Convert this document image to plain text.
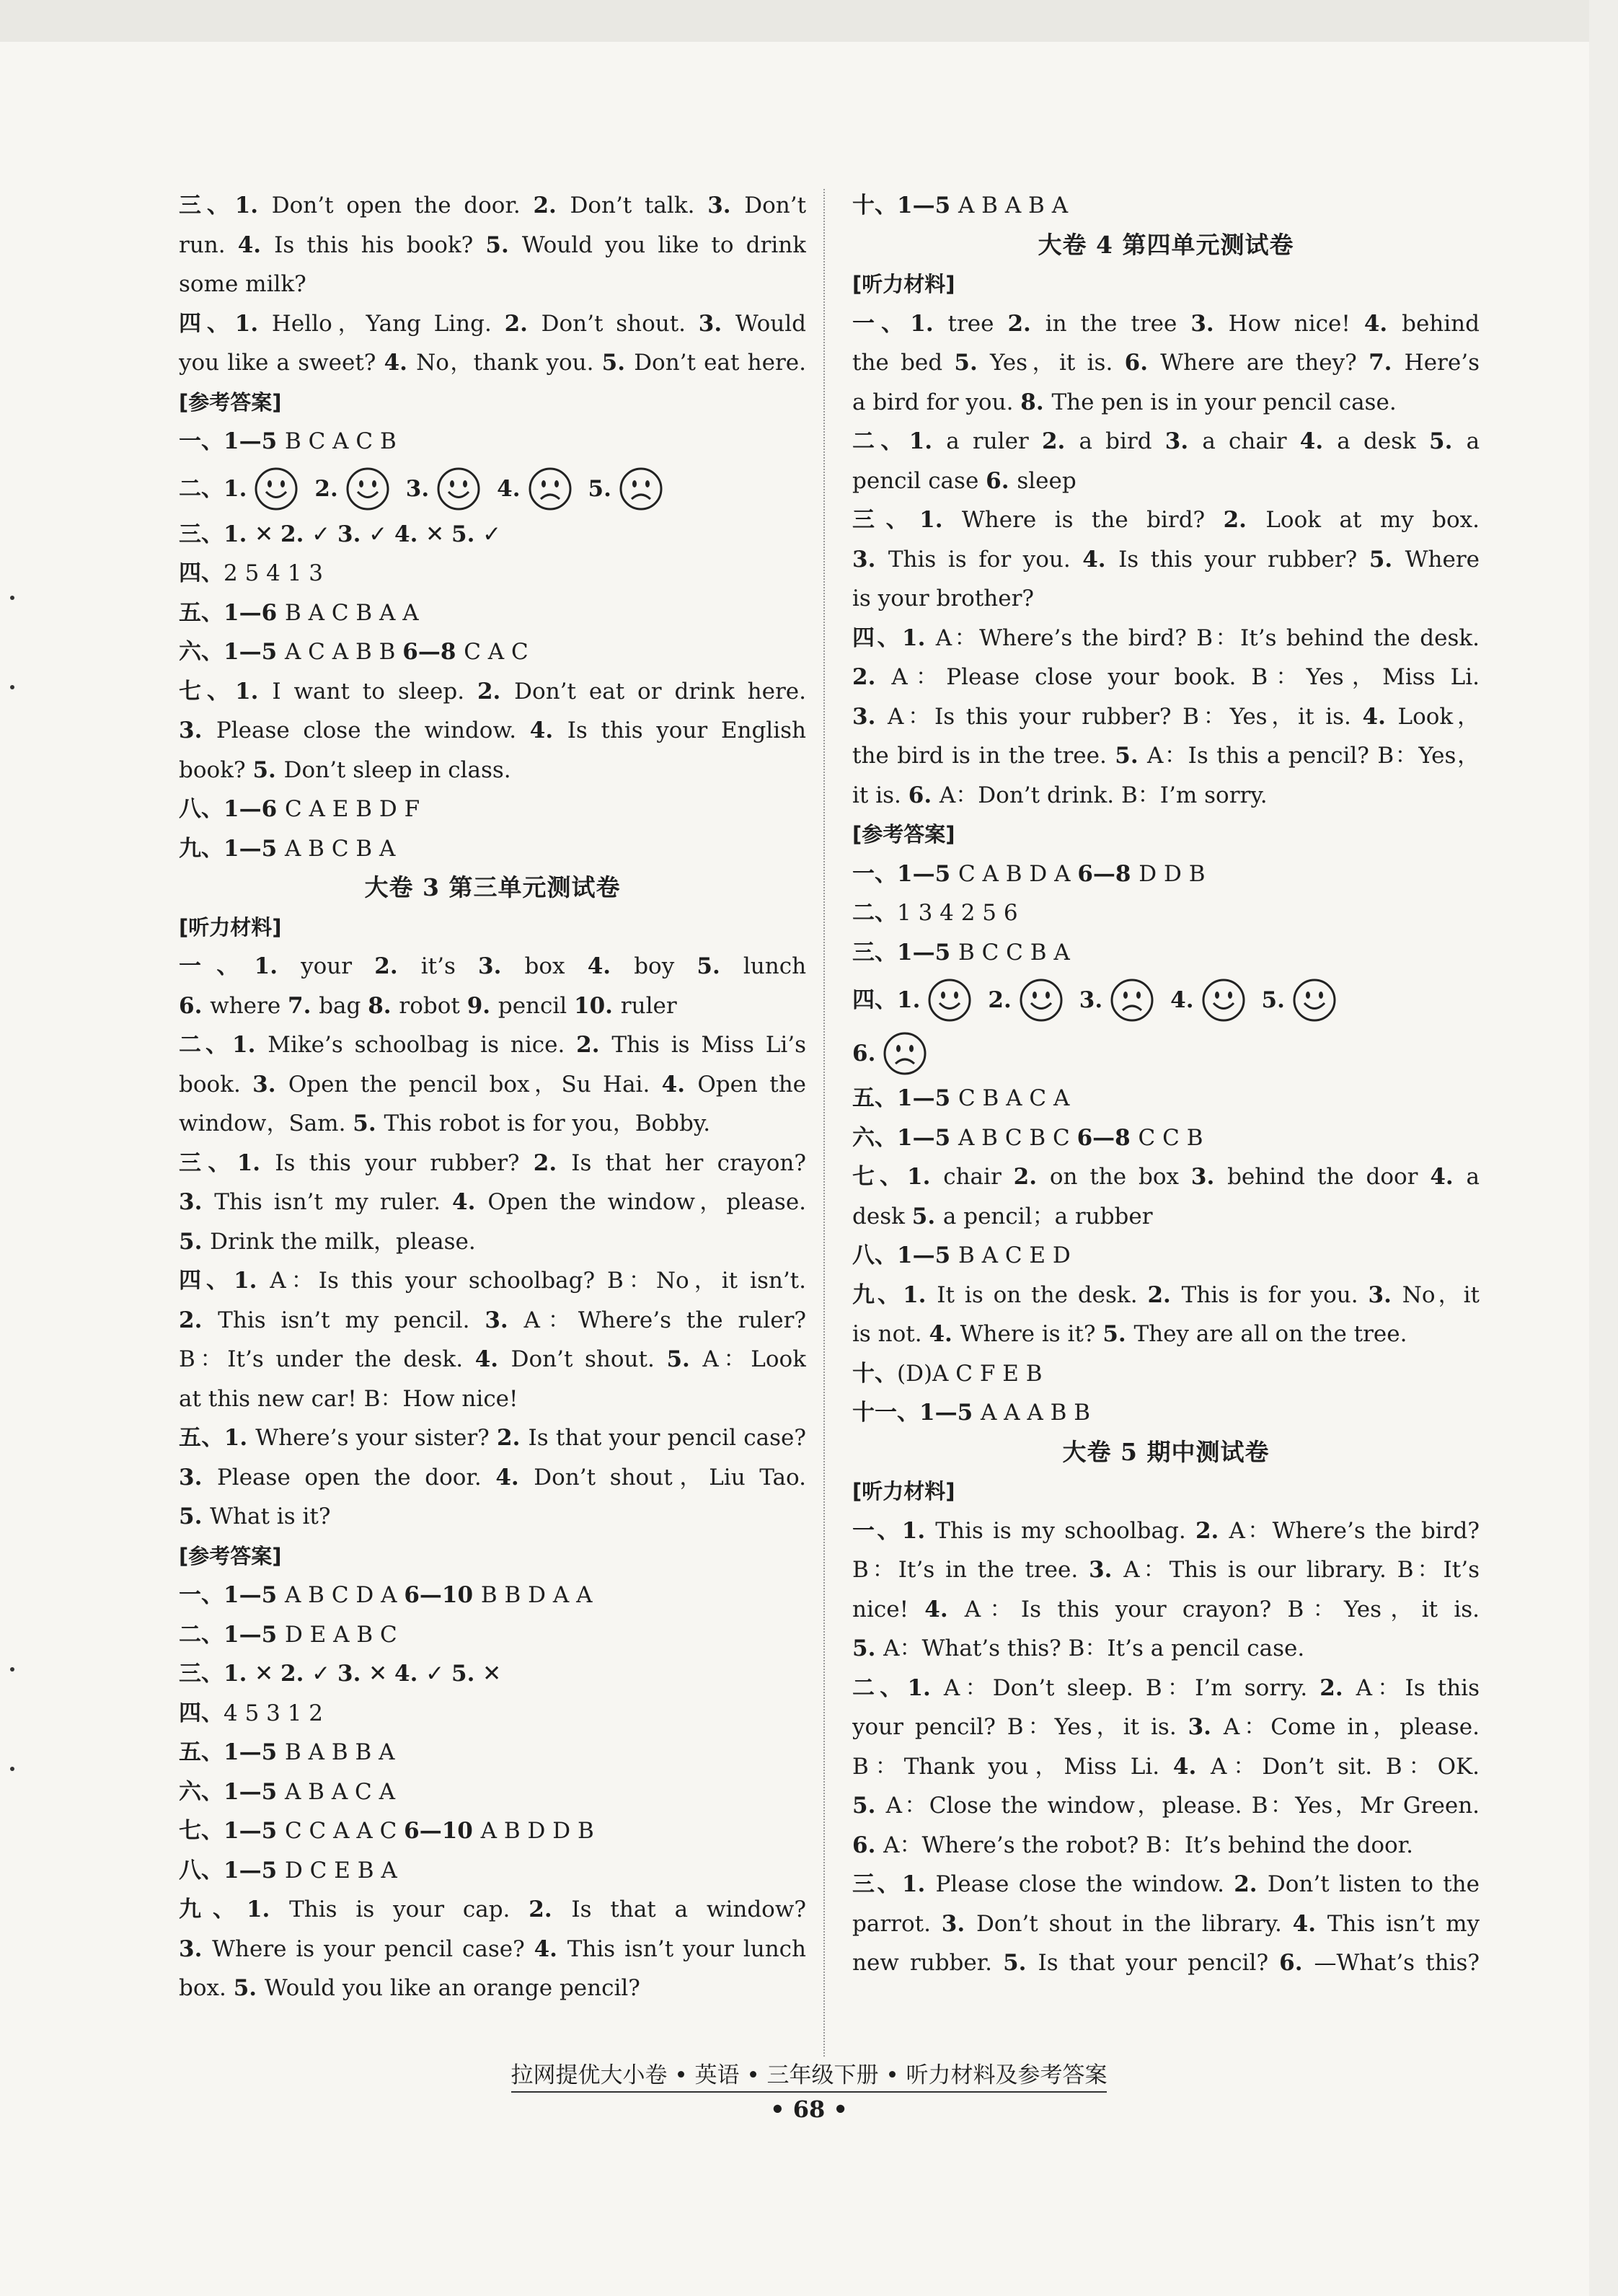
三、1. Don’t open the door. 2. Don’t talk. 3. Don’t
run. 4. Is this his book? 5. Would you like to drink
some milk?
四、1. Hello，Yang Ling. 2. Don’t shout. 3. Would
you like a sweet? 4. No，thank you. 5. Don’t eat here.
[参考答案]
一、1—5 B C A C B
二、1.	2.	3.	4.	5.
三、1. ✕ 2. ✓ 3. ✓ 4. ✕ 5. ✓
四、2 5 4 1 3
五、1—6 B A C B A A
六、1—5 A C A B B 6—8 C A C
七、1. I want to sleep. 2. Don’t eat or drink here.
3. Please close the window. 4. Is this your English
book? 5. Don’t sleep in class.
八、1—6 C A E B D F
九、1—5 A B C B A
大卷 3 第三单元测试卷
[听力材料]
一、1. your 2. it’s 3. box 4. boy 5. lunch
6. where 7. bag 8. robot 9. pencil 10. ruler
二、1. Mike’s schoolbag is nice. 2. This is Miss Li’s
book. 3. Open the pencil box，Su Hai. 4. Open the
window，Sam. 5. This robot is for you，Bobby.
三、1. Is this your rubber? 2. Is that her crayon?
3. This isn’t my ruler. 4. Open the window，please.
5. Drink the milk，please.
四、1. A：Is this your schoolbag? B：No，it isn’t.
2. This isn’t my pencil. 3. A：Where’s the ruler?
B：It’s under the desk. 4. Don’t shout. 5. A：Look
at this new car! B：How nice!
五、1. Where’s your sister? 2. Is that your pencil case?
3. Please open the door. 4. Don’t shout，Liu Tao.
5. What is it?
[参考答案]
一、1—5 A B C D A 6—10 B B D A A
二、1—5 D E A B C
三、1. ✕ 2. ✓ 3. ✕ 4. ✓ 5. ✕
四、4 5 3 1 2
五、1—5 B A B B A
六、1—5 A B A C A
七、1—5 C C A A C 6—10 A B D D B
八、1—5 D C E B A
九、1. This is your cap. 2. Is that a window?
3. Where is your pencil case? 4. This isn’t your lunch
box. 5. Would you like an orange pencil?
十、1—5 A B A B A
大卷 4 第四单元测试卷
[听力材料]
一、1. tree 2. in the tree 3. How nice! 4. behind
the bed 5. Yes，it is. 6. Where are they? 7. Here’s
a bird for you. 8. The pen is in your pencil case.
二、1. a ruler 2. a bird 3. a chair 4. a desk 5. a
pencil case 6. sleep
三、1. Where is the bird? 2. Look at my box.
3. This is for you. 4. Is this your rubber? 5. Where
is your brother?
四、1. A：Where’s the bird? B：It’s behind the desk.
2. A：Please close your book. B：Yes，Miss Li.
3. A：Is this your rubber? B：Yes，it is. 4. Look，
the bird is in the tree. 5. A：Is this a pencil? B：Yes，
it is. 6. A：Don’t drink. B：I’m sorry.
[参考答案]
一、1—5 C A B D A 6—8 D D B
二、1 3 4 2 5 6
三、1—5 B C C B A
四、1.	2.	3.	4.	5.
6.
五、1—5 C B A C A
六、1—5 A B C B C 6—8 C C B
七、1. chair 2. on the box 3. behind the door 4. a
desk 5. a pencil；a rubber
八、1—5 B A C E D
九、1. It is on the desk. 2. This is for you. 3. No，it
is not. 4. Where is it? 5. They are all on the tree.
十、(D)A C F E B
十一、1—5 A A A B B
大卷 5 期中测试卷
[听力材料]
一、1. This is my schoolbag. 2. A：Where’s the bird?
B：It’s in the tree. 3. A：This is our library. B：It’s
nice! 4. A：Is this your crayon? B：Yes，it is.
5. A：What’s this? B：It’s a pencil case.
二、1. A：Don’t sleep. B：I’m sorry. 2. A：Is this
your pencil? B：Yes，it is. 3. A：Come in，please.
B：Thank you，Miss Li. 4. A：Don’t sit. B：OK.
5. A：Close the window，please. B：Yes，Mr Green.
6. A：Where’s the robot? B：It’s behind the door.
三、1. Please close the window. 2. Don’t listen to the
parrot. 3. Don’t shout in the library. 4. This isn’t my
new rubber. 5. Is that your pencil? 6. —What’s this?
拉网提优大小卷 • 英语 • 三年级下册 • 听力材料及参考答案
• 68 •
